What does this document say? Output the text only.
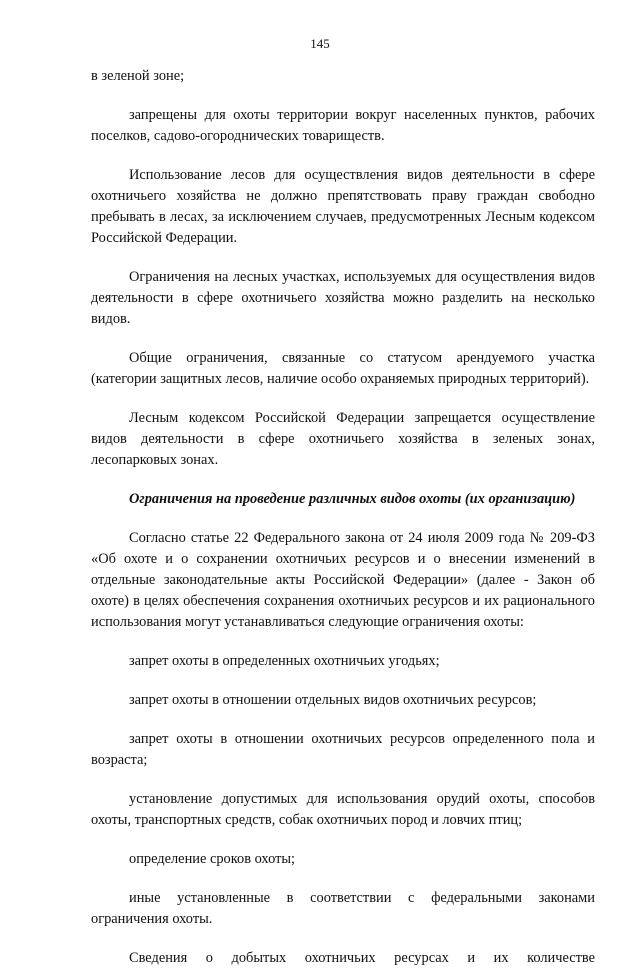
145

в зеленой зоне;

запрещены для охоты территории вокруг населенных пунктов, рабочих поселков, садово-огороднических товариществ.

Использование лесов для осуществления видов деятельности в сфере охотничьего хозяйства не должно препятствовать праву граждан свободно пребывать в лесах, за исключением случаев, предусмотренных Лесным кодексом Российской Федерации.

Ограничения на лесных участках, используемых для осуществления видов деятельности в сфере охотничьего хозяйства можно разделить на несколько видов.

Общие ограничения, связанные со статусом арендуемого участка (категории защитных лесов, наличие особо охраняемых природных территорий).

Лесным кодексом Российской Федерации запрещается осуществление видов деятельности в сфере охотничьего хозяйства в зеленых зонах, лесопарковых зонах.

Ограничения на проведение различных видов охоты (их организацию)

Согласно статье 22 Федерального закона от 24 июля 2009 года № 209-ФЗ «Об охоте и о сохранении охотничьих ресурсов и о внесении изменений в отдельные законодательные акты Российской Федерации» (далее - Закон об охоте) в целях обеспечения сохранения охотничьих ресурсов и их рационального использования могут устанавливаться следующие ограничения охоты:

запрет охоты в определенных охотничьих угодьях;

запрет охоты в отношении отдельных видов охотничьих ресурсов;

запрет охоты в отношении охотничьих ресурсов определенного пола и возраста;

установление допустимых для использования орудий охоты, способов охоты, транспортных средств, собак охотничьих пород и ловчих птиц;

определение сроков охоты;

иные установленные в соответствии с федеральными законами ограничения охоты.

Сведения о добытых охотничьих ресурсах и их количестве
